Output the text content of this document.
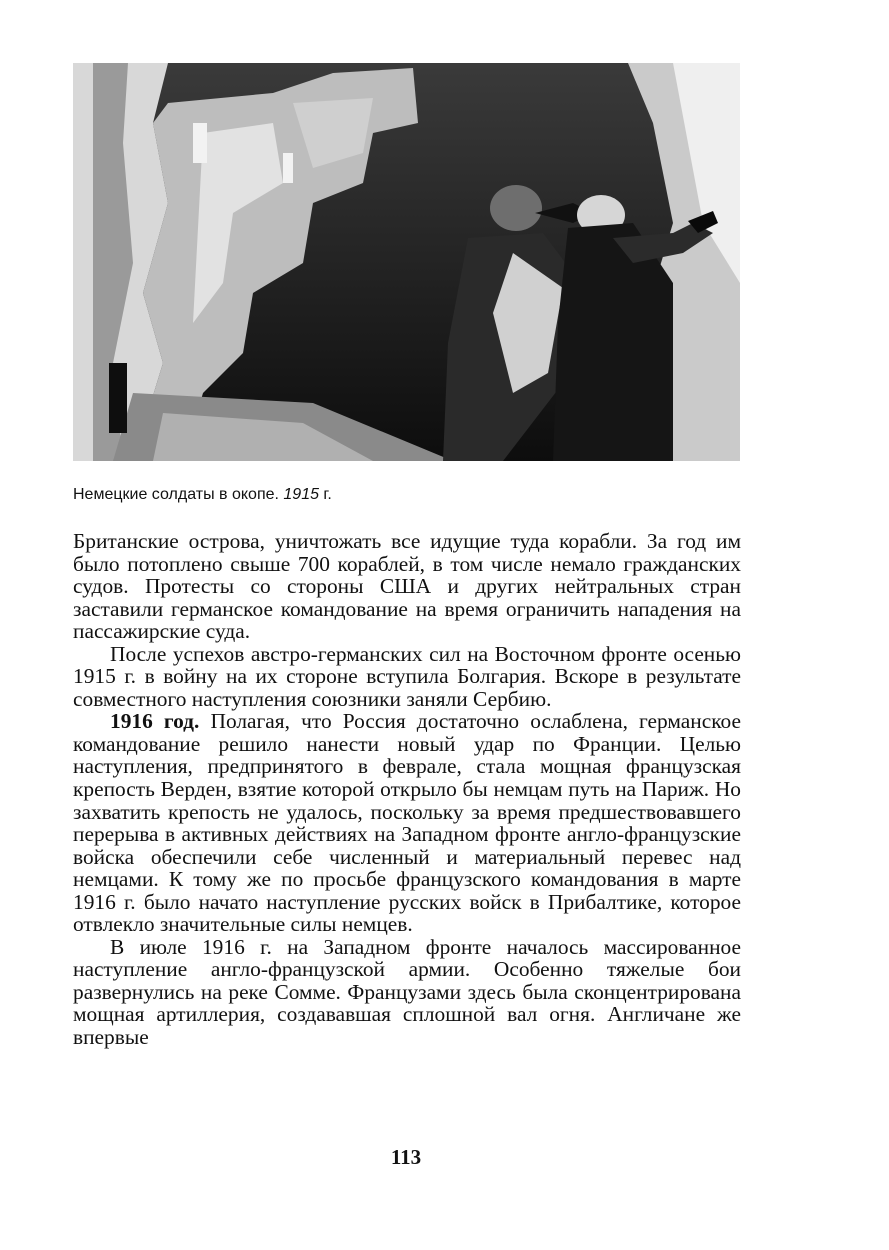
Немецкие солдаты в окопе. 1915 г.

Британские острова, уничтожать все идущие туда корабли. За год им было потоплено свыше 700 кораблей, в том числе немало гражданских судов. Протесты со стороны США и других нейтральных стран заставили германское командование на время ограничить нападения на пассажирские суда.

После успехов австро-германских сил на Восточном фронте осенью 1915 г. в войну на их стороне вступила Болгария. Вскоре в результате совместного наступления союзники заняли Сербию.

1916 год. Полагая, что Россия достаточно ослаблена, германское командование решило нанести новый удар по Франции. Целью наступления, предпринятого в феврале, стала мощная французская крепость Верден, взятие которой открыло бы немцам путь на Париж. Но захватить крепость не удалось, поскольку за время предшествовавшего перерыва в активных действиях на Западном фронте англо-французские войска обеспечили себе численный и материальный перевес над немцами. К тому же по просьбе французского командования в марте 1916 г. было начато наступление русских войск в Прибалтике, которое отвлекло значительные силы немцев.

В июле 1916 г. на Западном фронте началось массированное наступление англо-французской армии. Особенно тяжелые бои развернулись на реке Сомме. Французами здесь была сконцентрирована мощная артиллерия, создававшая сплошной вал огня. Англичане же впервые

113
